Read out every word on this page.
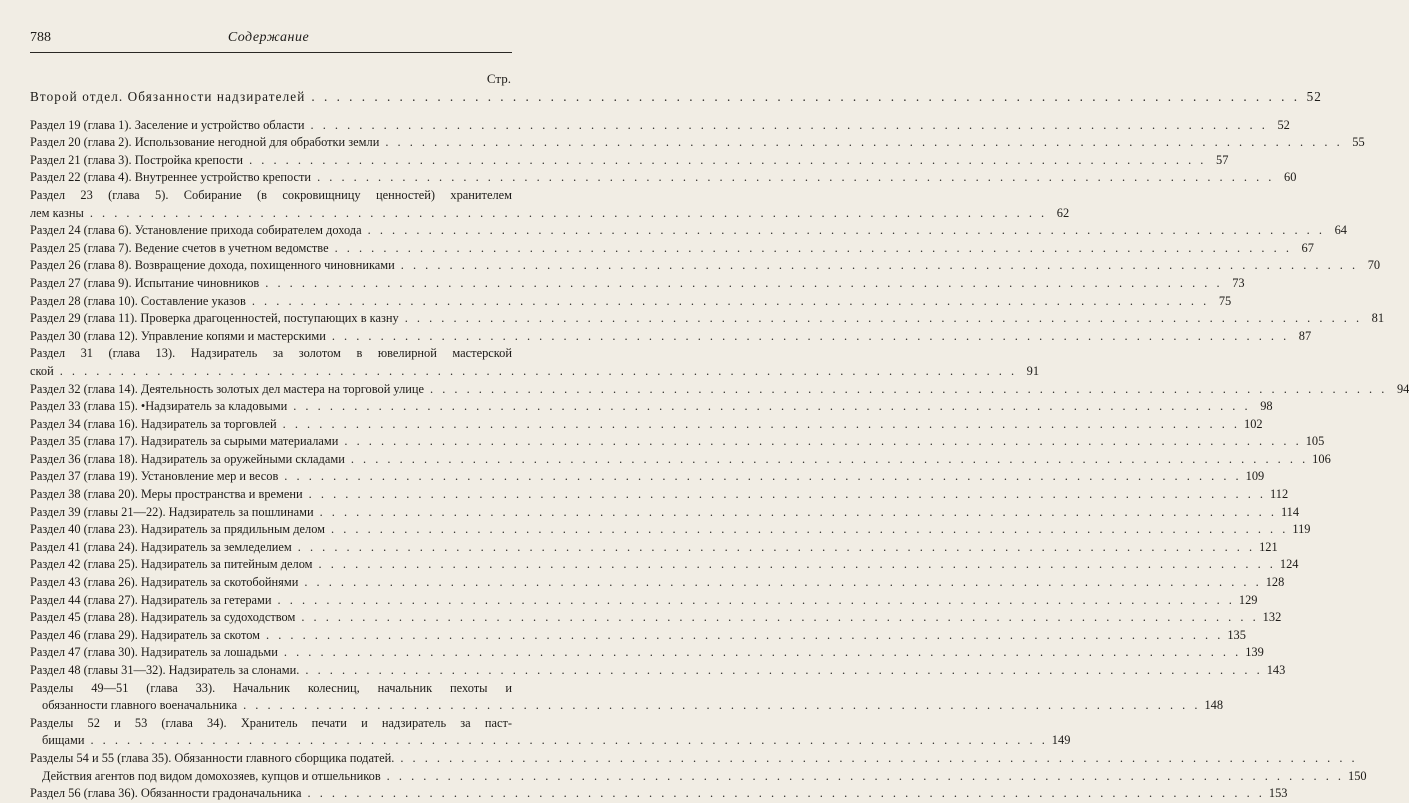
788	Содержание
Стр.
Второй отдел. Обязанности надзирателей . . .	52
Раздел 19 (глава 1). Заселение и устройство области . . .	52
Раздел 20 (глава 2). Использование негодной для обработки земли . . .	55
Раздел 21 (глава 3). Постройка крепости . . .	57
Раздел 22 (глава 4). Внутреннее устройство крепости . . .	60
Раздел 23 (глава 5). Собирание (в сокровищницу ценностей) хранителем
лем казны . . .	62
Раздел 24 (глава 6). Установление прихода собирателем дохода . . .	64
Раздел 25 (глава 7). Ведение счетов в учетном ведомстве . . .	67
Раздел 26 (глава 8). Возвращение дохода, похищенного чиновниками . . .	70
Раздел 27 (глава 9). Испытание чиновников . . .	73
Раздел 28 (глава 10). Составление указов . . .	75
Раздел 29 (глава 11). Проверка драгоценностей, поступающих в казну . . .	81
Раздел 30 (глава 12). Управление копями и мастерскими . . .	87
Раздел 31 (глава 13). Надзиратель за золотом в ювелирной мастерской
ской . . .	91
Раздел 32 (глава 14). Деятельность золотых дел мастера на торговой улице . . .	94
Раздел 33 (глава 15). •Надзиратель за кладовыми . . .	98
Раздел 34 (глава 16). Надзиратель за торговлей . . .	102
Раздел 35 (глава 17). Надзиратель за сырыми материалами . . .	105
Раздел 36 (глава 18). Надзиратель за оружейными складами . . .	106
Раздел 37 (глава 19). Установление мер и весов . . .	109
Раздел 38 (глава 20). Меры пространства и времени . . .	112
Раздел 39 (главы 21—22). Надзиратель за пошлинами . . .	114
Раздел 40 (глава 23). Надзиратель за прядильным делом . . .	119
Раздел 41 (глава 24). Надзиратель за земледелием . . .	121
Раздел 42 (глава 25). Надзиратель за питейным делом . . .	124
Раздел 43 (глава 26). Надзиратель за скотобойнями . . .	128
Раздел 44 (глава 27). Надзиратель за гетерами . . .	129
Раздел 45 (глава 28). Надзиратель за судоходством . . .	132
Раздел 46 (глава 29). Надзиратель за скотом . . .	135
Раздел 47 (глава 30). Надзиратель за лошадьми . . .	139
Раздел 48 (главы 31—32). Надзиратель за слонами. . . .	143
Разделы 49—51 (глава 33). Начальник колесниц, начальник пехоты и
обязанности главного военачальника . . .	148
Разделы 52 и 53 (глава 34). Хранитель печати и надзиратель за паст-
бищами . . .	149
Разделы 54 и 55 (глава 35). Обязанности главного сборщика податей.
. . .
Действия агентов под видом домохозяев, купцов и отшельников . . .	150
Раздел 56 (глава 36). Обязанности градоначальника . . .	153
